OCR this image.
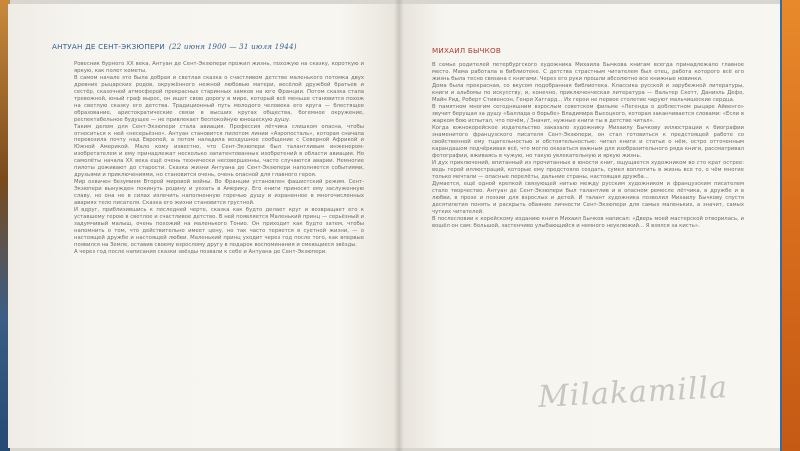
АНТУАН ДЕ СЕНТ-ЭКЗЮПЕРИ (22 июня 1900 — 31 июля 1944)

Ровесник бурного XX века, Антуан де Сент-Экзюпери прожил жизнь, похожую на сказку, короткую и яркую, как полет кометы.

В самом начале это была добрая и светлая сказка о счастливом детстве маленького потомка двух древних рыцарских родов, окружённого нежной любовью матери, весёлой дружбой братьев и сестёр, сказочной атмосферой прекрасных старинных замков на юге Франции. Потом сказка стала тревожной, юный граф вырос, он ищет свою дорогу в мире, который всё меньше становится похож на светлую сказку его детства. Традиционный путь молодого человека его круга — блестящее образование, аристократические связи в высших кругах общества, богемное окружение, респектабельное будущее — не привлекает беспокойную юношескую душу.

Таким делом для Сент-Экзюпери стала авиация. Профессия лётчика слишком опасна, чтобы относиться к ней «несерьёзно». Антуан становится пилотом линии «Аэропосталь», которая сначала перевозила почту над Европой, а потом наладила воздушное сообщение с Северной Африкой и Южной Америкой. Мало кому известно, что Сент-Экзюпери был талантливым инженером-изобретателем и ему принадлежат несколько запатентованных изобретений в области авиации. Но самолёты начала XX века ещё очень технически несовершенны, часто случаются аварии. Немногие пилоты доживают до старости. Сказка жизни Антуана де Сент-Экзюпери наполняется событиями, друзьями и приключениями, но становится очень, очень опасной для главного героя.

Мир охвачен безумием Второй мировой войны. Во Франции установлен фашистский режим. Сент-Экзюпери вынужден покинуть родину и уехать в Америку. Его книги приносят ему заслуженную славу, но она не в силах излечить наполненную горечью душу и израненное в многочисленных авариях тело писателя. Сказка его жизни становится грустной.

И вдруг, приблизившись к последней черте, сказка как будто делает круг и возвращает его к уставшему герою в светлое и счастливое детство. В ней появляется Маленький принц — серьёзный и задумчивый малыш, очень похожий на маленького Тонио. Он приходит как будто затем, чтобы напомнить о том, что действительно имеет цену, но так часто теряется в суетной жизни, — о настоящей дружбе и настоящей любви. Маленький принц уходит через год после того, как впервые появился на Земле, оставив своему взрослому другу в подарок воспоминания и смеющиеся звёзды.

А через год после написания сказки звёзды позвали к себе и Антуана де Сент-Экзюпери.

МИХАИЛ БЫЧКОВ

В семье родителей петербургского художника Михаила Бычкова книгам всегда принадлежало главное место. Мама работала в библиотеке. С детства страстным читателем был отец, работа которого всё его жизнь была тесно связана с книгами. Через его руки прошли абсолютно все книжные новинки.

Дома была прекрасная, со вкусом подобранная библиотека. Классика русской и зарубежной литературы, книги и альбомы по искусству, и, конечно, приключенческая литература — Вальтер Скотт, Даниэль Дефо, Майн Рид, Роберт Стивенсон, Генри Хаггард... Их герои не первое столетие чаруют мальчишеские сердца.

В памятном многим сегодняшним взрослым советском фильме «Легенда о доблестном рыцаре Айвенго» звучит берущая за душу «Баллада о борьбе» Владимира Высоцкого, которая заканчивается словами: «Если в жарком бою испытал, что почём, / Значит, нужные книги ты в детстве читал».

Когда южнокорейское издательство заказало художнику Михаилу Бычкову иллюстрации к биографии знаменитого французского писателя Сент-Экзюпери, он стал готовиться к предстоящей работе со свойственной ему тщательностью и обстоятельностью: читал книги и статьи о нём, остро отточенным карандашом подчёркивая всё, что могло оказаться важным для изобразительного ряда книги, рассматривал фотографии, вживаясь в чужую, но такую увлекательную и яркую жизнь.

И дух приключений, впитанный из прочитанных в юности книг, ощущается художником во сто крат острее: ведь герой иллюстраций, которые ему предстояло создать, сумел воплотить в жизнь все то, о чём многие только мечтали — опасные перелёты, дальние страны, настоящая дружба...

Думается, ещё одной крепкой связующей нитью между русским художником и французским писателем стало творчество. Антуан де Сент-Экзюпери был талантлив и в опасном ремесле лётчика, в дружбе и в любви, в прозе и поэзии для взрослых и детей. И талант художника позволил Михаилу Бычкову спустя десятилетия понять и раскрыть обаяние личности Сент-Экзюпери для самых маленьких, а значит, самых чутких читателей.

В послесловии к корейскому изданию книги Михаил Бычков написал: «Дверь моей мастерской отворилась, и вошёл он сам: большой, застенчиво улыбающийся и немного неуклюжий... Я взялся за кисть».

Milakamilla
